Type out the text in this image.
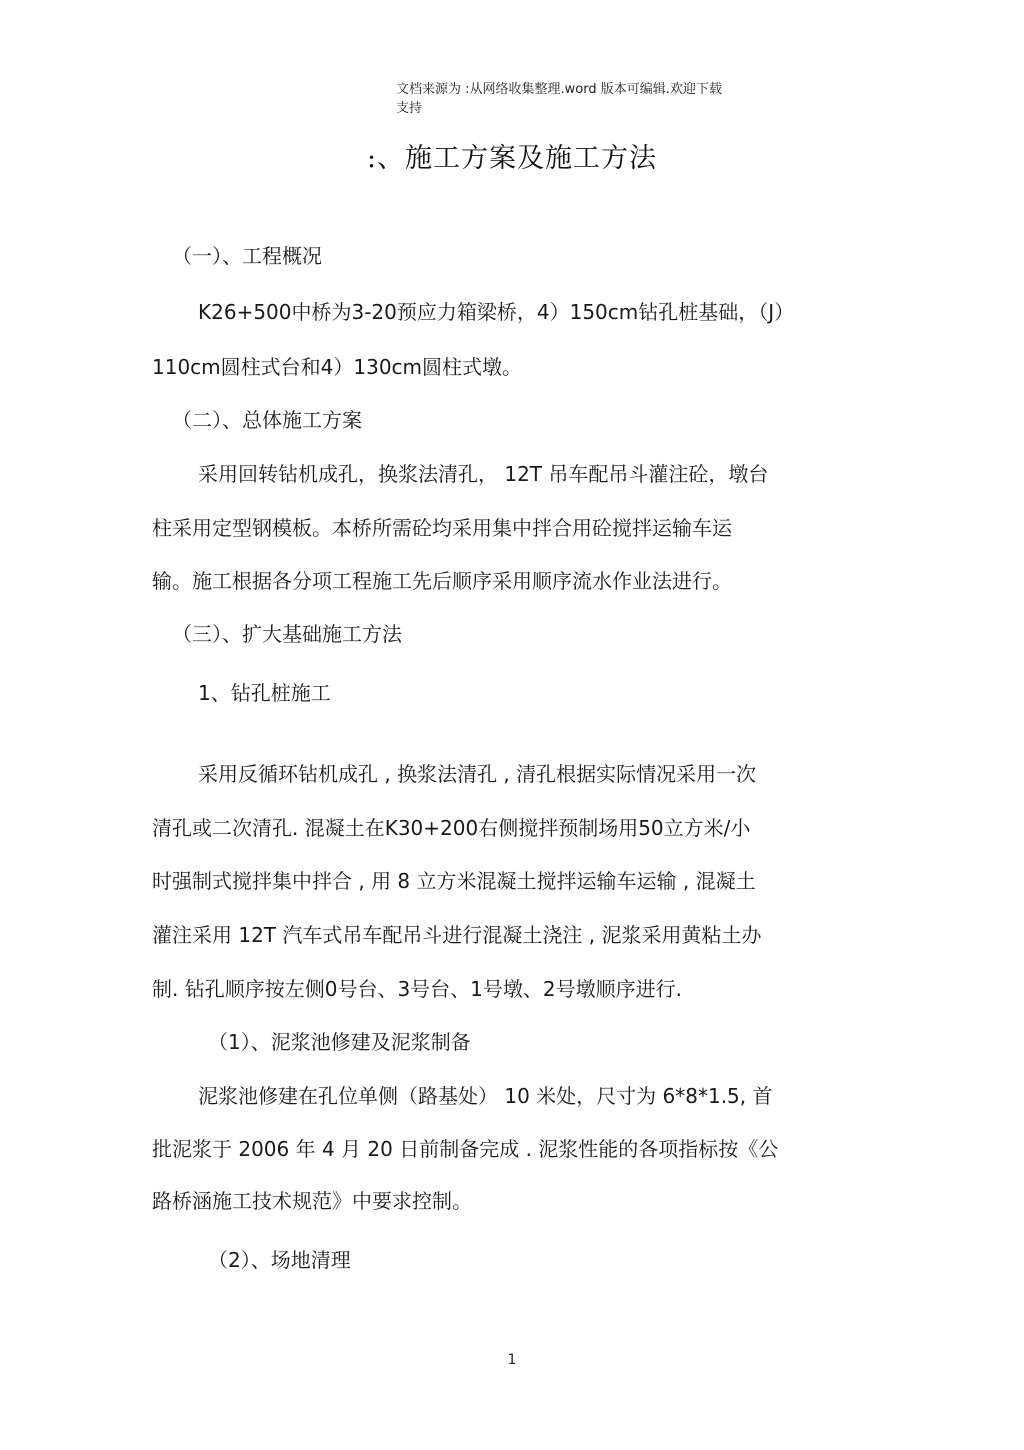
文档来源为 :从网络收集整理.word 版本可编辑.欢迎下载
支持
:、施工方案及施工方法
（一）、工程概况
K26+500中桥为3-20预应力箱梁桥，4）150cm钻孔桩基础，（J）
110cm圆柱式台和4）130cm圆柱式墩。
（二）、总体施工方案
采用回转钻机成孔，换浆法清孔， 12T 吊车配吊斗灌注砼，墩台
柱采用定型钢模板。本桥所需砼均采用集中拌合用砼搅拌运输车运
输。施工根据各分项工程施工先后顺序采用顺序流水作业法进行。
（三）、扩大基础施工方法
1、钻孔桩施工
采用反循环钻机成孔 , 换浆法清孔 , 清孔根据实际情况采用一次
清孔或二次清孔. 混凝土在K30+200右侧搅拌预制场用50立方米/小
时强制式搅拌集中拌合 , 用 8 立方米混凝土搅拌运输车运输 , 混凝土
灌注采用 12T 汽车式吊车配吊斗进行混凝土浇注 , 泥浆采用黄粘土办
制. 钻孔顺序按左侧0号台、3号台、1号墩、2号墩顺序进行.
（1）、泥浆池修建及泥浆制备
泥浆池修建在孔位单侧（路基处） 10 米处，尺寸为 6*8*1.5, 首
批泥浆于 2006 年 4 月 20 日前制备完成 . 泥浆性能的各项指标按《公
路桥涵施工技术规范》中要求控制。
（2）、场地清理
1
